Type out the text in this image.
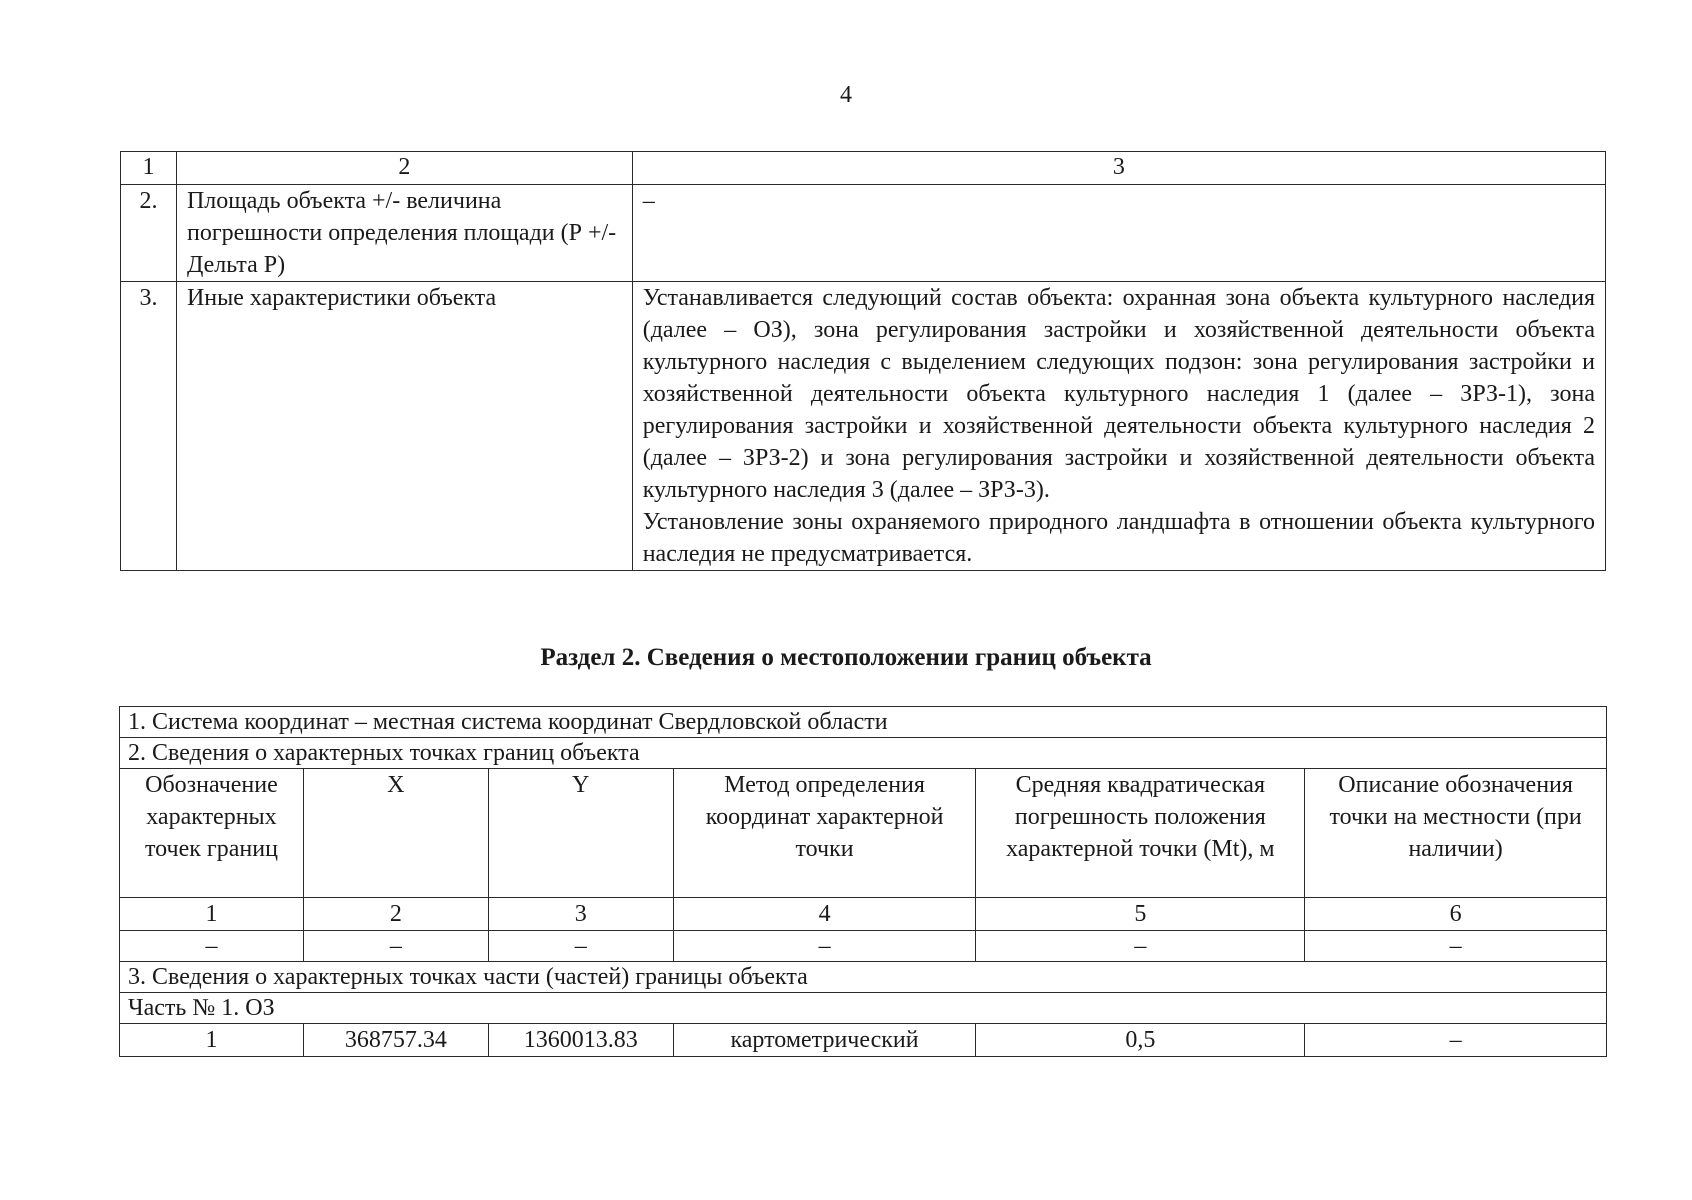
4
1	2	3
2.	Площадь объекта +/- величина погрешности определения площади (Р +/- Дельта Р)	–

3.	Иные характеристики объекта	Устанавливается следующий состав объекта: охранная зона объекта культурного наследия (далее – ОЗ), зона регулирования застройки и хозяйственной деятельности объекта культурного наследия с выделением следующих подзон: зона регулирования застройки и хозяйственной деятельности объекта культурного наследия 1 (далее – ЗРЗ-1), зона регулирования застройки и хозяйственной деятельности объекта культурного наследия 2 (далее – ЗРЗ-2) и зона регулирования застройки и хозяйственной деятельности объекта культурного наследия 3 (далее – ЗРЗ-3).

Установление зоны охраняемого природного ландшафта в отношении объекта культурного наследия не предусматривается.

Раздел 2. Сведения о местоположении границ объекта
1. Система координат – местная система координат Свердловской области					
2. Сведения о характерных точках границ объекта					
Обозначение характерных точек границ	X	Y	Метод определения координат характерной точки	Средняя квадратическая погрешность положения характерной точки (Mt), м	Описание обозначения точки на местности (при наличии)
1	2	3	4	5	6
–	–	–	–	–	–
3. Сведения о характерных точках части (частей) границы объекта					
Часть № 1. ОЗ					
1	368757.34	1360013.83	картометрический	0,5	–
